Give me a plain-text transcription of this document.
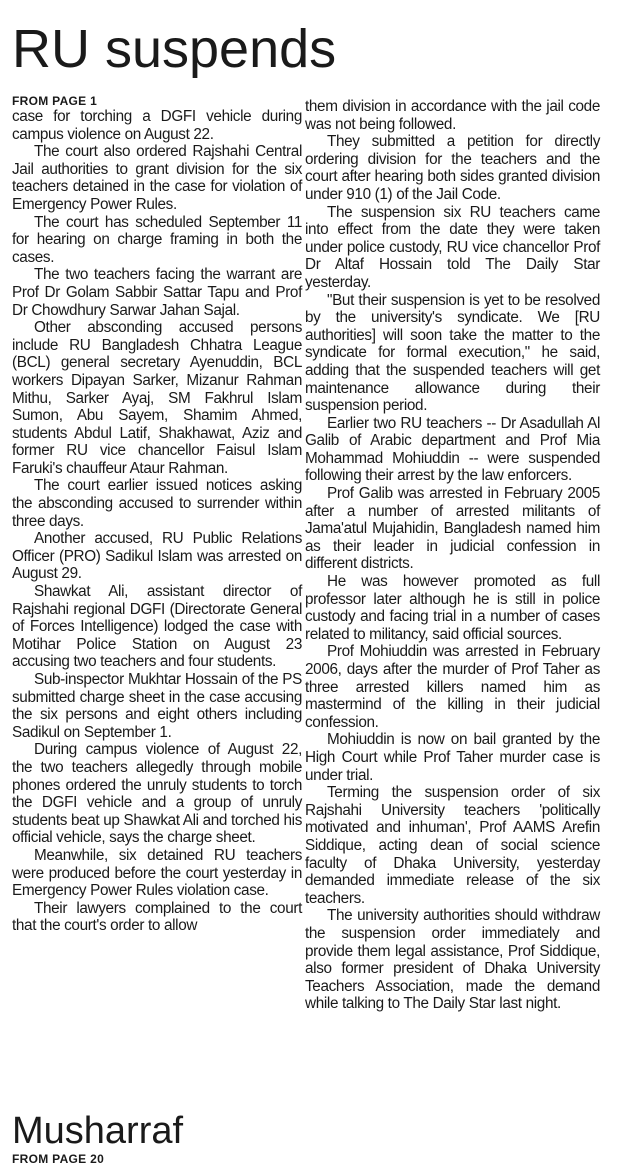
RU suspends
FROM PAGE 1

case for torching a DGFI vehicle during campus violence on August 22.

The court also ordered Rajshahi Central Jail authorities to grant division for the six teachers detained in the case for violation of Emergency Power Rules.

The court has scheduled September 11 for hearing on charge framing in both the cases.

The two teachers facing the warrant are Prof Dr Golam Sabbir Sattar Tapu and Prof Dr Chowdhury Sarwar Jahan Sajal.

Other absconding accused persons include RU Bangladesh Chhatra League (BCL) general secretary Ayenuddin, BCL workers Dipayan Sarker, Mizanur Rahman Mithu, Sarker Ayaj, SM Fakhrul Islam Sumon, Abu Sayem, Shamim Ahmed, students Abdul Latif, Shakhawat, Aziz and former RU vice chancellor Faisul Islam Faruki's chauffeur Ataur Rahman.

The court earlier issued notices asking the absconding accused to surrender within three days.

Another accused, RU Public Relations Officer (PRO) Sadikul Islam was arrested on August 29.

Shawkat Ali, assistant director of Rajshahi regional DGFI (Directorate General of Forces Intelligence) lodged the case with Motihar Police Station on August 23 accusing two teachers and four students.

Sub-inspector Mukhtar Hossain of the PS submitted charge sheet in the case accusing the six persons and eight others including Sadikul on September 1.

During campus violence of August 22, the two teachers allegedly through mobile phones ordered the unruly students to torch the DGFI vehicle and a group of unruly students beat up Shawkat Ali and torched his official vehicle, says the charge sheet.

Meanwhile, six detained RU teachers were produced before the court yesterday in Emergency Power Rules violation case.

Their lawyers complained to the court that the court's order to allow

them division in accordance with the jail code was not being followed.

They submitted a petition for directly ordering division for the teachers and the court after hearing both sides granted division under 910 (1) of the Jail Code.

The suspension six RU teachers came into effect from the date they were taken under police custody, RU vice chancellor Prof Dr Altaf Hossain told The Daily Star yesterday.

"But their suspension is yet to be resolved by the university's syndicate. We [RU authorities] will soon take the matter to the syndicate for formal execution," he said, adding that the suspended teachers will get maintenance allowance during their suspension period.

Earlier two RU teachers -- Dr Asadullah Al Galib of Arabic department and Prof Mia Mohammad Mohiuddin -- were suspended following their arrest by the law enforcers.

Prof Galib was arrested in February 2005 after a number of arrested militants of Jama'atul Mujahidin, Bangladesh named him as their leader in judicial confession in different districts.

He was however promoted as full professor later although he is still in police custody and facing trial in a number of cases related to militancy, said official sources.

Prof Mohiuddin was arrested in February 2006, days after the murder of Prof Taher as three arrested killers named him as mastermind of the killing in their judicial confession.

Mohiuddin is now on bail granted by the High Court while Prof Taher murder case is under trial.

Terming the suspension order of six Rajshahi University teachers 'politically motivated and inhuman', Prof AAMS Arefin Siddique, acting dean of social science faculty of Dhaka University, yesterday demanded immediate release of the six teachers.

The university authorities should withdraw the suspension order immediately and provide them legal assistance, Prof Siddique, also former president of Dhaka University Teachers Association, made the demand while talking to The Daily Star last night.

Musharraf
FROM PAGE 20
